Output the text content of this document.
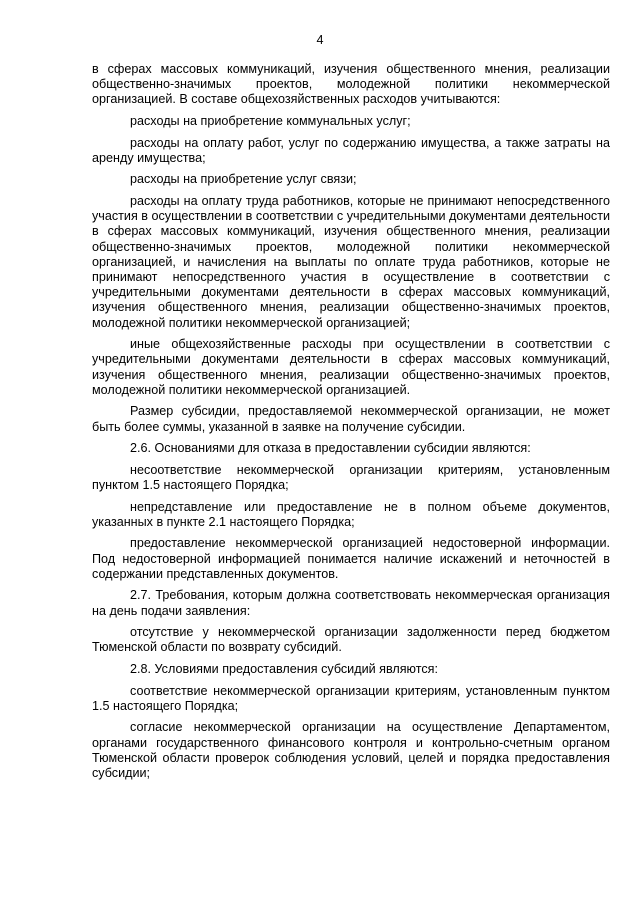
4

в сферах массовых коммуникаций, изучения общественного мнения, реализации общественно-значимых проектов, молодежной политики некоммерческой организацией. В составе общехозяйственных расходов учитываются:

расходы на приобретение коммунальных услуг;

расходы на оплату работ, услуг по содержанию имущества, а также затраты на аренду имущества;

расходы на приобретение услуг связи;

расходы на оплату труда работников, которые не принимают непосредственного участия в осуществлении в соответствии с учредительными документами деятельности в сферах массовых коммуникаций, изучения общественного мнения, реализации общественно-значимых проектов, молодежной политики некоммерческой организацией, и начисления на выплаты по оплате труда работников, которые не принимают непосредственного участия в осуществление в соответствии с учредительными документами деятельности в сферах массовых коммуникаций, изучения общественного мнения, реализации общественно-значимых проектов, молодежной политики некоммерческой организацией;

иные общехозяйственные расходы при осуществлении в соответствии с учредительными документами деятельности в сферах массовых коммуникаций, изучения общественного мнения, реализации общественно-значимых проектов, молодежной политики некоммерческой организацией.

Размер субсидии, предоставляемой некоммерческой организации, не может быть более суммы, указанной в заявке на получение субсидии.

2.6. Основаниями для отказа в предоставлении субсидии являются:

несоответствие некоммерческой организации критериям, установленным пунктом 1.5 настоящего Порядка;

непредставление или предоставление не в полном объеме документов, указанных в пункте 2.1 настоящего Порядка;

предоставление некоммерческой организацией недостоверной информации. Под недостоверной информацией понимается наличие искажений и неточностей в содержании представленных документов.

2.7. Требования, которым должна соответствовать некоммерческая организация на день подачи заявления:

отсутствие у некоммерческой организации задолженности перед бюджетом Тюменской области по возврату субсидий.

2.8. Условиями предоставления субсидий являются:

соответствие некоммерческой организации критериям, установленным пунктом 1.5 настоящего Порядка;

согласие некоммерческой организации на осуществление Департаментом, органами государственного финансового контроля и контрольно-счетным органом Тюменской области проверок соблюдения условий, целей и порядка предоставления субсидии;
